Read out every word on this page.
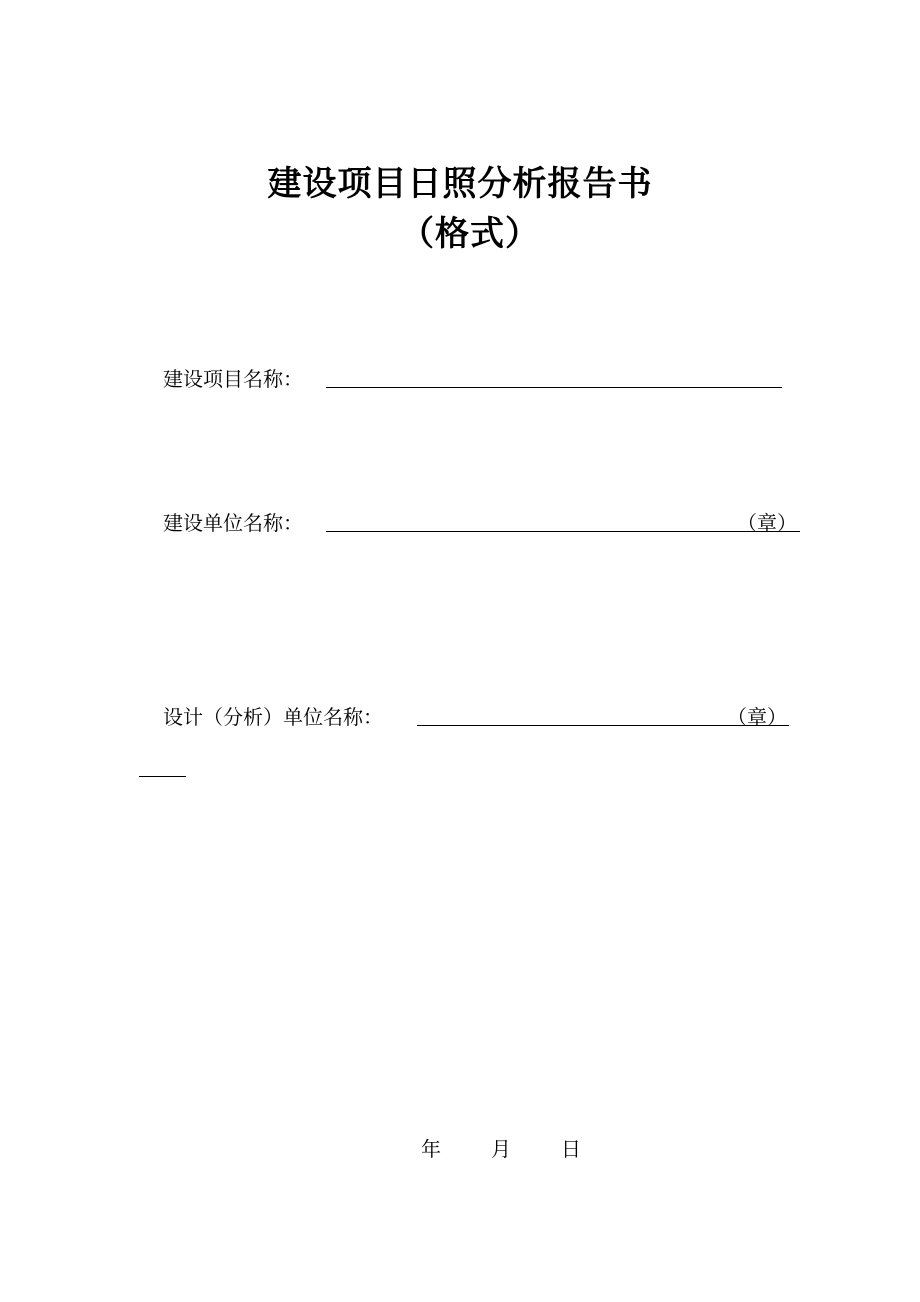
建设项目日照分析报告书
（格式）
建设项目名称：
建设单位名称：	（章）
设计（分析）单位名称：	（章）
年	月	日
